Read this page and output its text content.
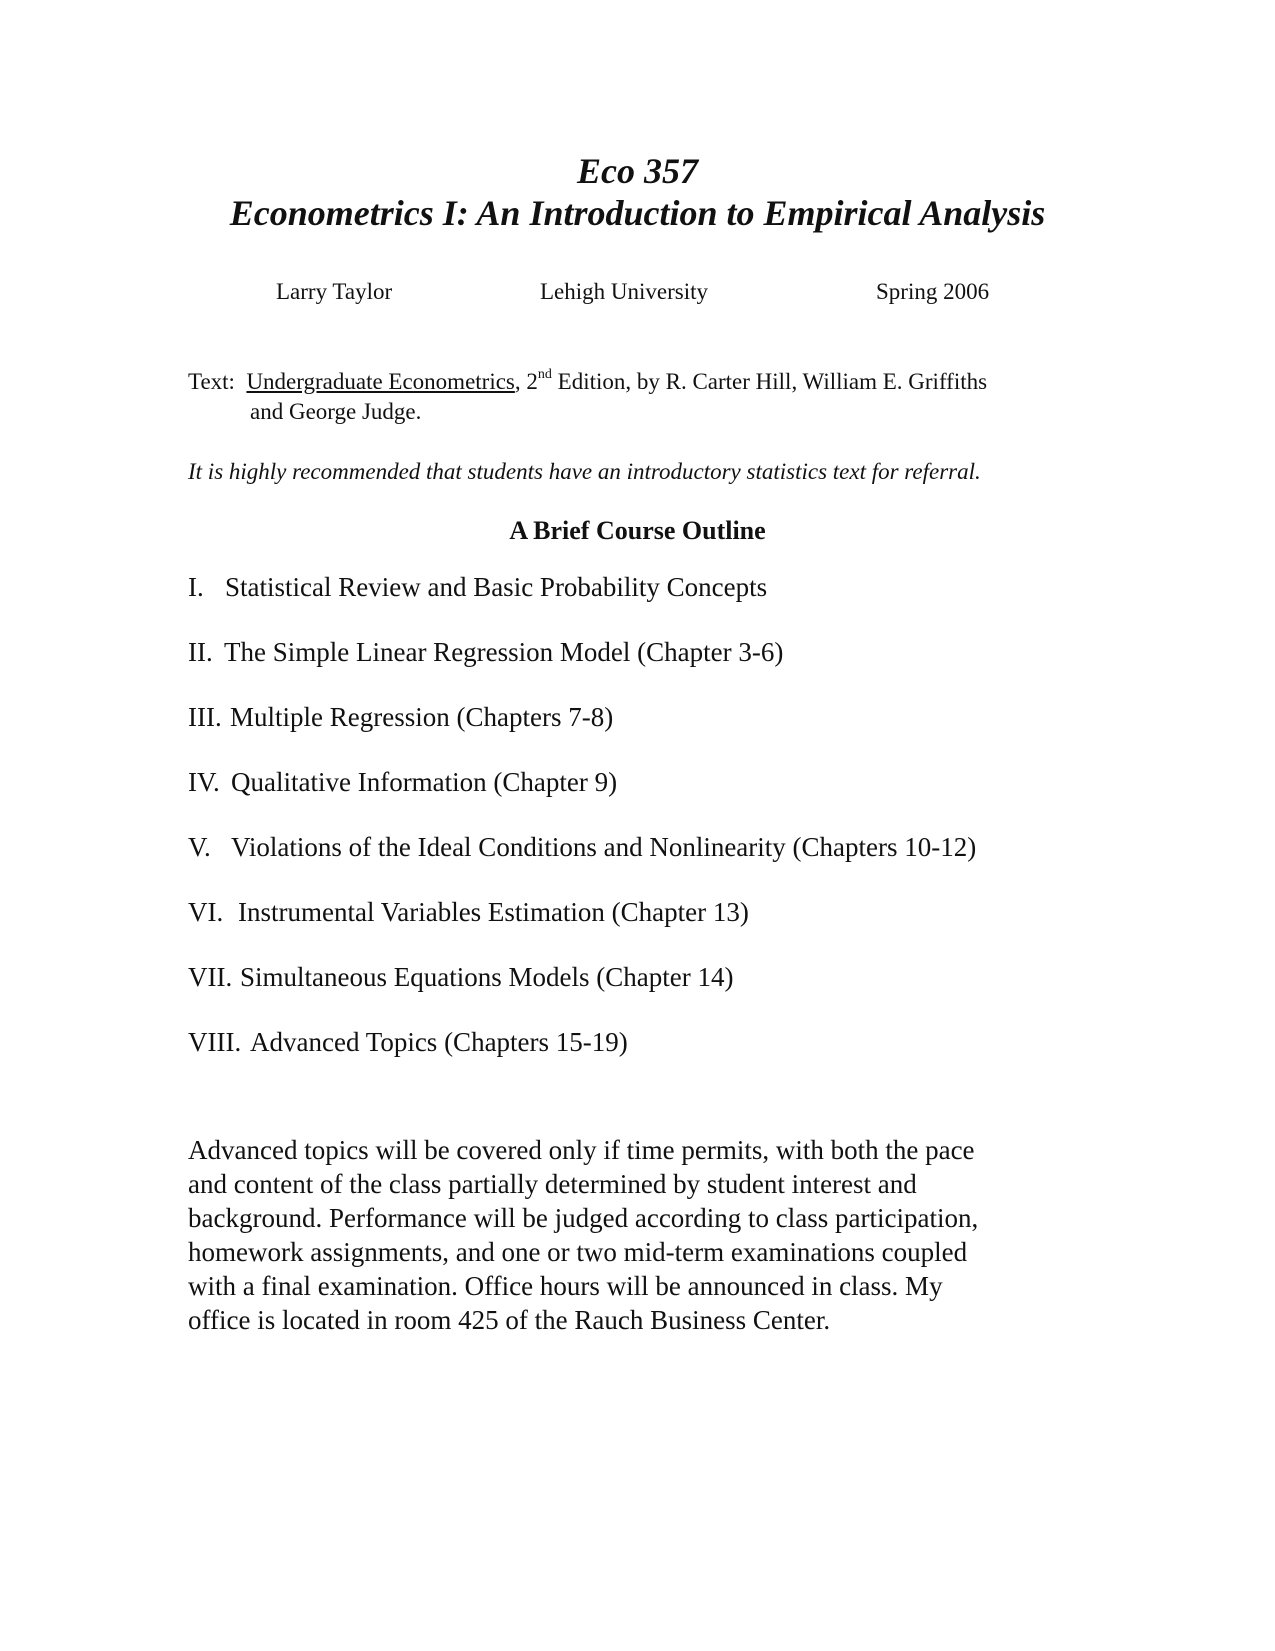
Eco 357
Econometrics I: An Introduction to Empirical Analysis
Larry Taylor	Lehigh University	Spring 2006
Text: Undergraduate Econometrics, 2nd Edition, by R. Carter Hill, William E. Griffiths
and George Judge.
It is highly recommended that students have an introductory statistics text for referral.
A Brief Course Outline
I. Statistical Review and Basic Probability Concepts
II. The Simple Linear Regression Model (Chapter 3-6)
III. Multiple Regression (Chapters 7-8)
IV. Qualitative Information (Chapter 9)
V. Violations of the Ideal Conditions and Nonlinearity (Chapters 10-12)
VI. Instrumental Variables Estimation (Chapter 13)
VII. Simultaneous Equations Models (Chapter 14)
VIII. Advanced Topics (Chapters 15-19)
Advanced topics will be covered only if time permits, with both the pace
and content of the class partially determined by student interest and
background. Performance will be judged according to class participation,
homework assignments, and one or two mid-term examinations coupled
with a final examination. Office hours will be announced in class. My
office is located in room 425 of the Rauch Business Center.
